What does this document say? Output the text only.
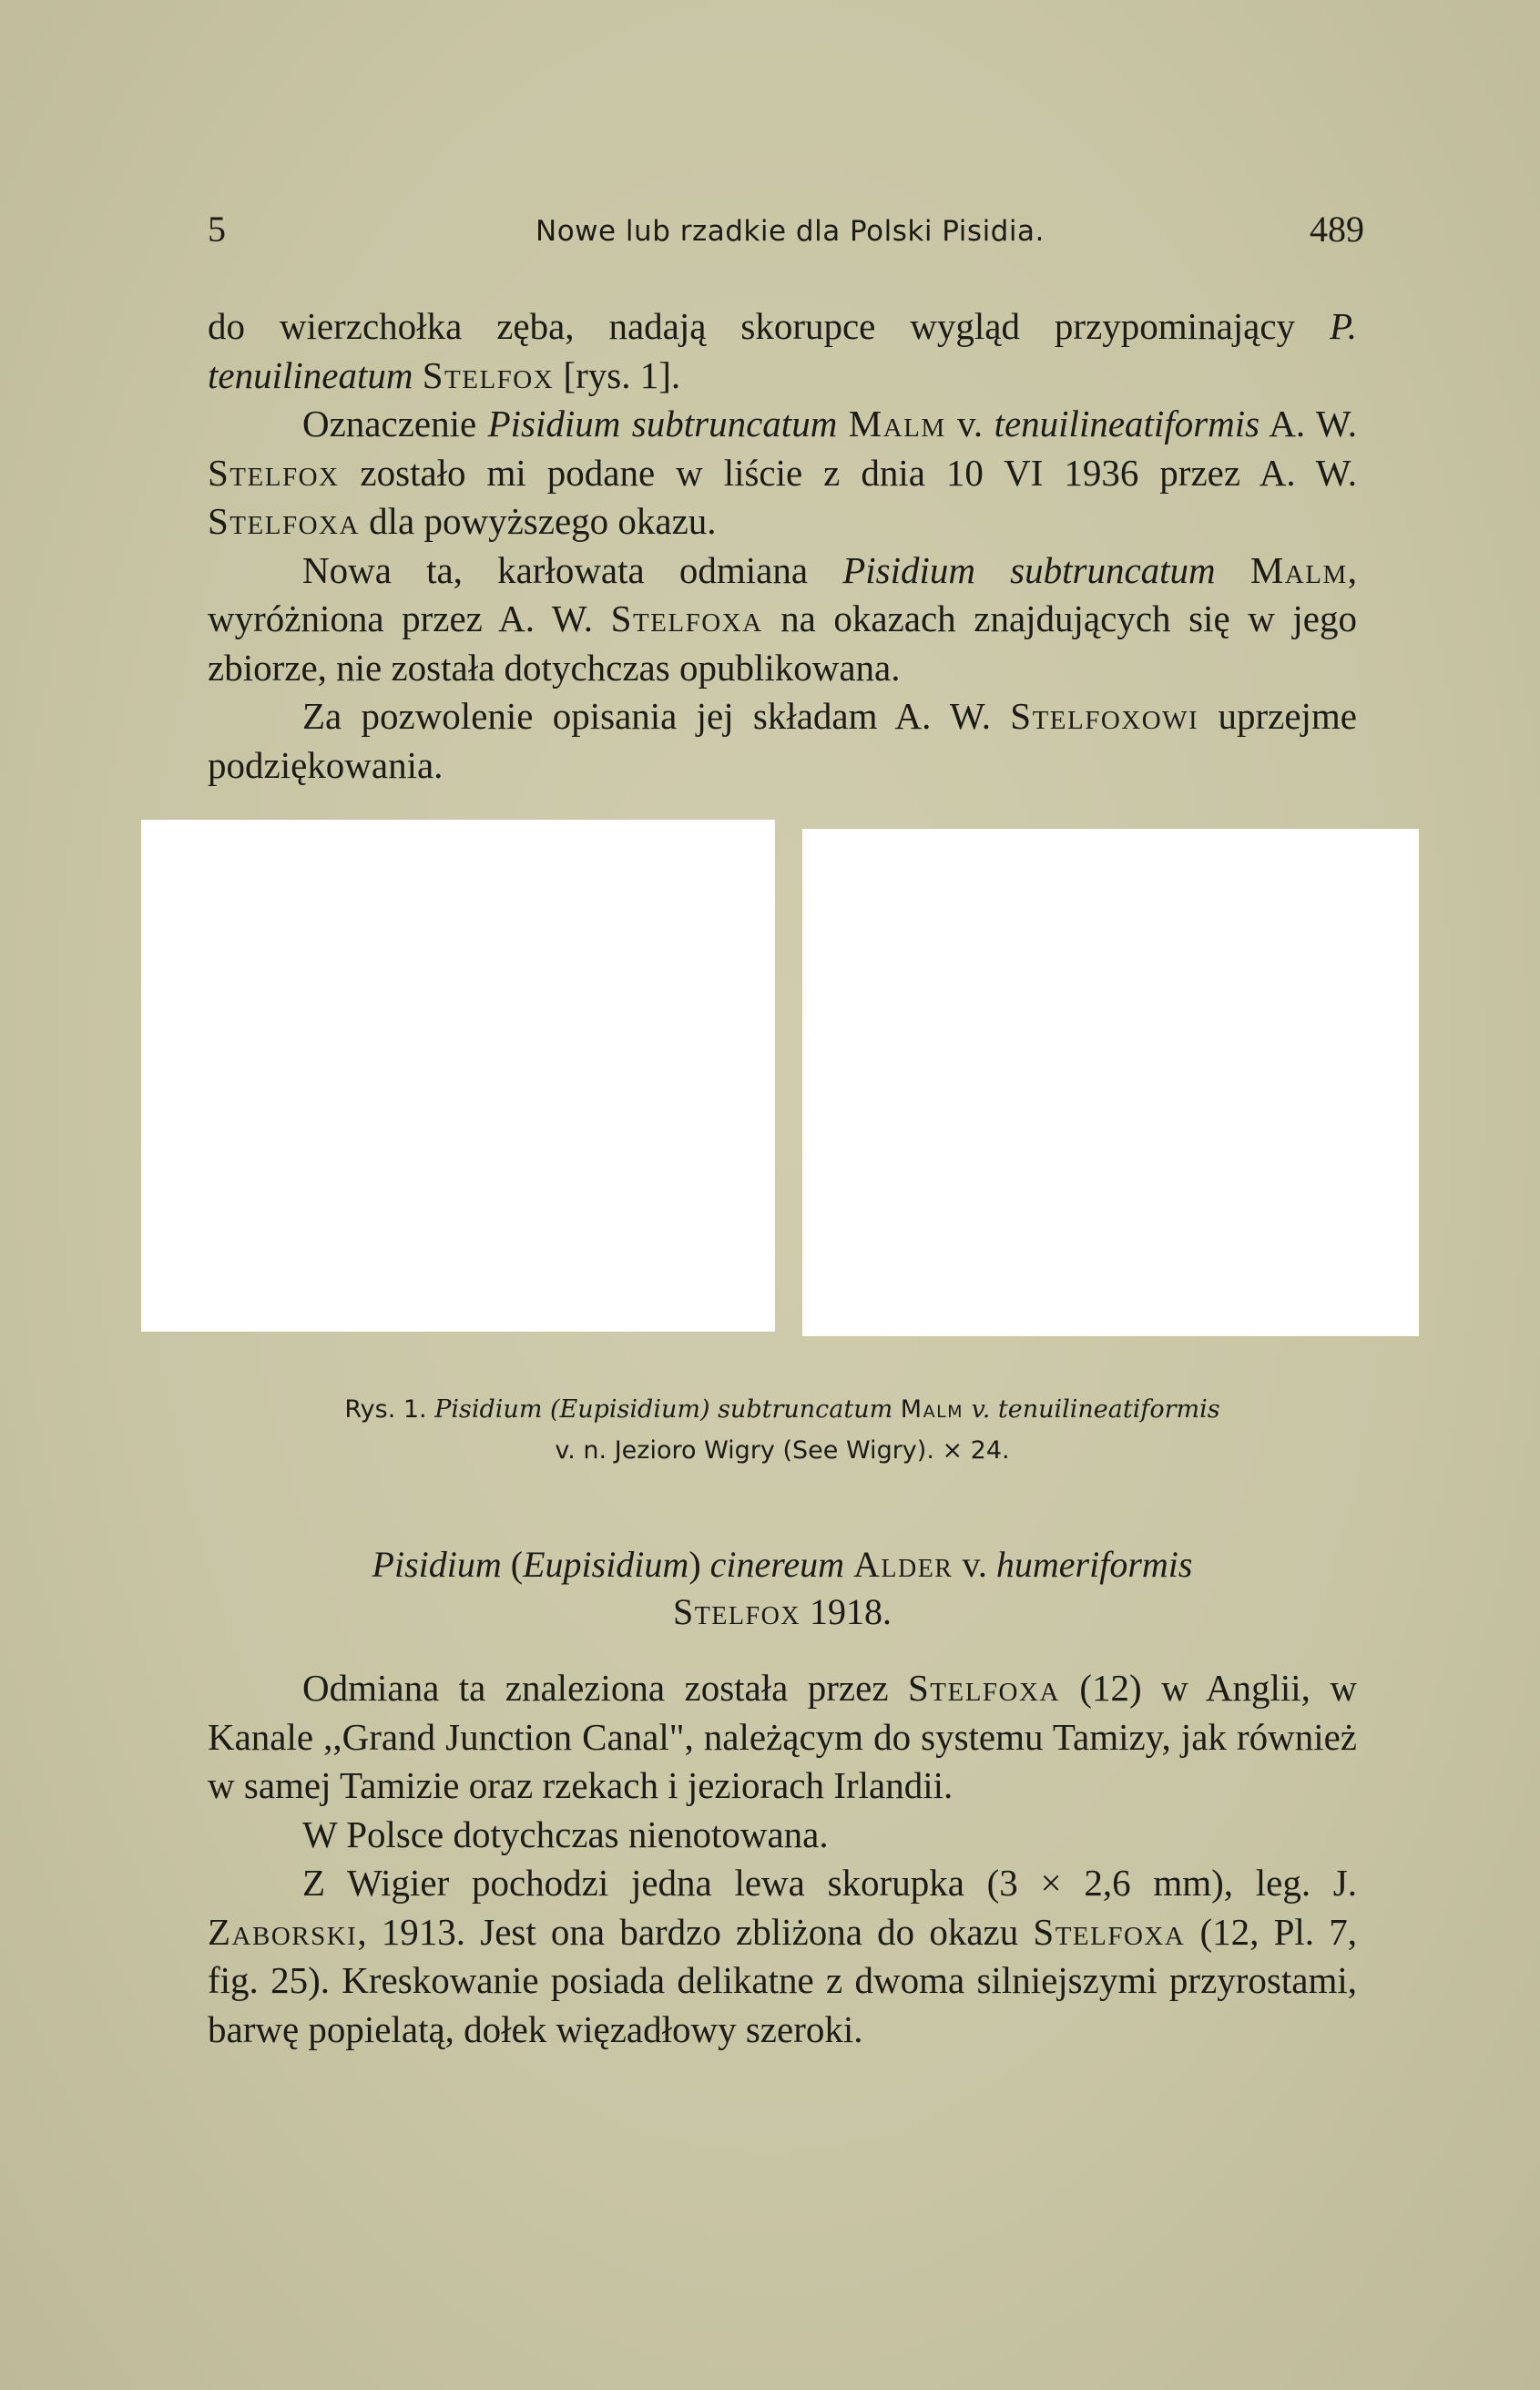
5	Nowe lub rzadkie dla Polski Pisidia.	489

do wierzchołka zęba, nadają skorupce wygląd przypominający P. tenuilineatum Stelfox [rys. 1].

Oznaczenie Pisidium subtruncatum Malm v. tenuilineatiformis A. W. Stelfox zostało mi podane w liście z dnia 10 VI 1936 przez A. W. Stelfoxa dla powyższego okazu.

Nowa ta, karłowata odmiana Pisidium subtruncatum Malm, wyróżniona przez A. W. Stelfoxa na okazach znajdujących się w jego zbiorze, nie została dotychczas opublikowana.

Za pozwolenie opisania jej składam A. W. Stelfoxowi uprzejme podziękowania.

Rys. 1. Pisidium (Eupisidium) subtruncatum Malm v. tenuilineatiformis
v. n. Jezioro Wigry (See Wigry). × 24.
Pisidium (Eupisidium) cinereum Alder v. humeriformis
Stelfox 1918.

Odmiana ta znaleziona została przez Stelfoxa (12) w Anglii, w Kanale ,,Grand Junction Canal", należącym do systemu Tamizy, jak również w samej Tamizie oraz rzekach i jeziorach Irlandii.

W Polsce dotychczas nienotowana.

Z Wigier pochodzi jedna lewa skorupka (3 × 2,6 mm), leg. J. Zaborski, 1913. Jest ona bardzo zbliżona do okazu Stelfoxa (12, Pl. 7, fig. 25). Kreskowanie posiada delikatne z dwoma silniejszymi przyrostami, barwę popielatą, dołek więzadłowy szeroki.
